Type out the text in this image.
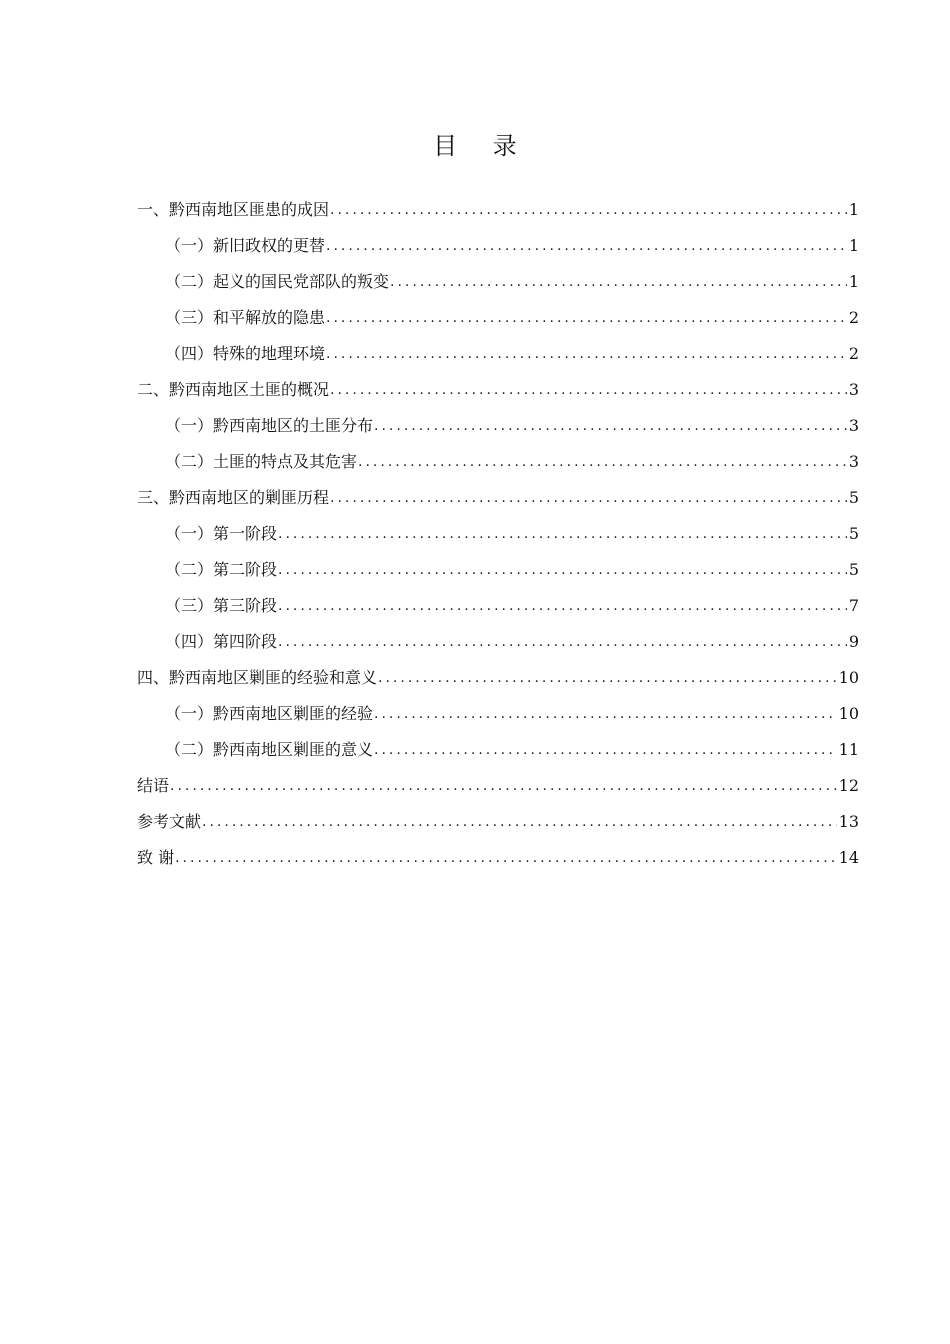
目 录
一、黔西南地区匪患的成因 .....	1
（一）新旧政权的更替 .....	1
（二）起义的国民党部队的叛变 .....	1
（三）和平解放的隐患 .....	2
（四）特殊的地理环境 .....	2
二、黔西南地区土匪的概况 .....	3
（一）黔西南地区的土匪分布 .....	3
（二）土匪的特点及其危害 .....	3
三、黔西南地区的剿匪历程 .....	5
（一）第一阶段 .....	5
（二）第二阶段 .....	5
（三）第三阶段 .....	7
（四）第四阶段 .....	9
四、黔西南地区剿匪的经验和意义 .....	10
（一）黔西南地区剿匪的经验 .....	10
（二）黔西南地区剿匪的意义 .....	11
结语 .....	12
参考文献 .....	13
致 谢 .....	14
